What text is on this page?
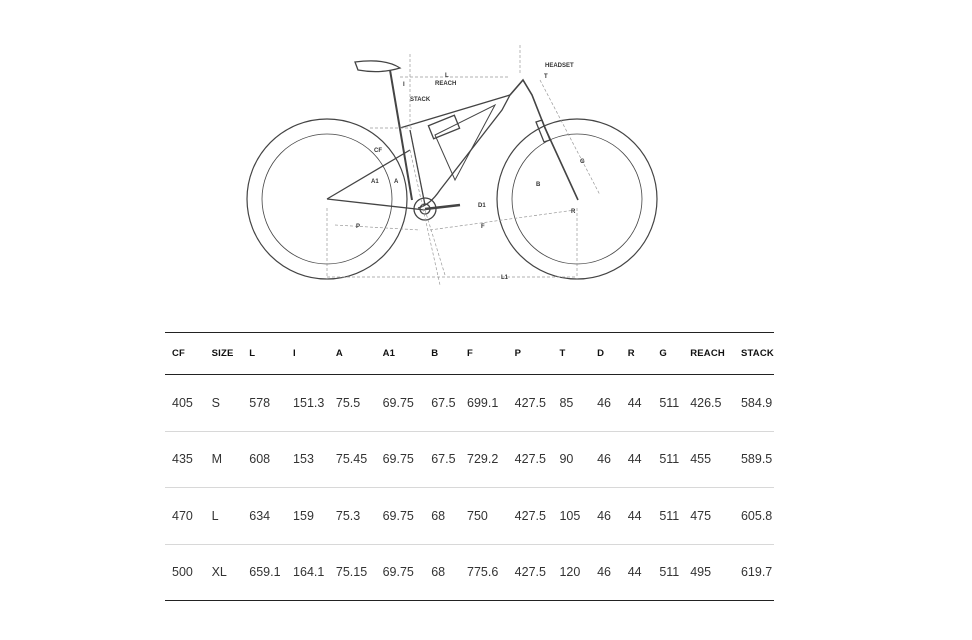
HEADSET
T
L
REACH
I
STACK
CF
A1	A
G
B
D1
R
P	F
L1
CF	SIZE	L	I	A	A1	B	F	P	T	D	R	G	REACH	STACK
405	S	578	151.3	75.5	69.75	67.5	699.1	427.5	85	46	44	511	426.5	584.9
435	M	608	153	75.45	69.75	67.5	729.2	427.5	90	46	44	511	455	589.5
470	L	634	159	75.3	69.75	68	750	427.5	105	46	44	511	475	605.8
500	XL	659.1	164.1	75.15	69.75	68	775.6	427.5	120	46	44	511	495	619.7
